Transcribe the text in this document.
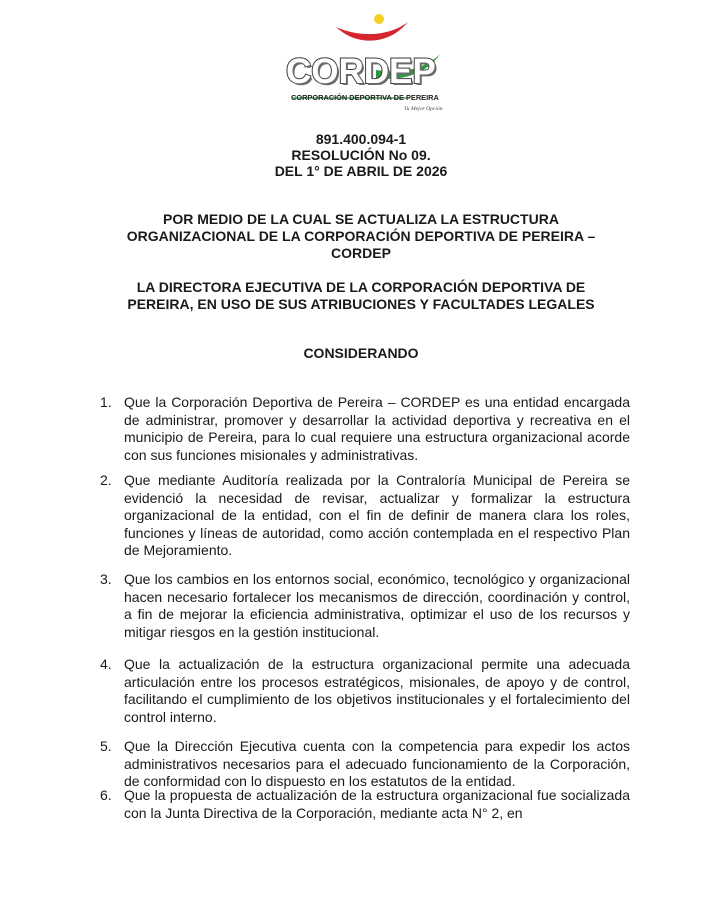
CORDEP
CORPORACIÓN DEPORTIVA DE PEREIRA
Tu Mejor Opción
891.400.094-1
RESOLUCIÓN No 09.
DEL 1° DE ABRIL DE 2026
POR MEDIO DE LA CUAL SE ACTUALIZA LA ESTRUCTURA
ORGANIZACIONAL DE LA CORPORACIÓN DEPORTIVA DE PEREIRA –
CORDEP
LA DIRECTORA EJECUTIVA DE LA CORPORACIÓN DEPORTIVA DE
PEREIRA, EN USO DE SUS ATRIBUCIONES Y FACULTADES LEGALES
CONSIDERANDO
1. Que la Corporación Deportiva de Pereira – CORDEP es una entidad encargada de administrar, promover y desarrollar la actividad deportiva y recreativa en el municipio de Pereira, para lo cual requiere una estructura organizacional acorde con sus funciones misionales y administrativas.
2. Que mediante Auditoría realizada por la Contraloría Municipal de Pereira se evidenció la necesidad de revisar, actualizar y formalizar la estructura organizacional de la entidad, con el fin de definir de manera clara los roles, funciones y líneas de autoridad, como acción contemplada en el respectivo Plan de Mejoramiento.
3. Que los cambios en los entornos social, económico, tecnológico y organizacional hacen necesario fortalecer los mecanismos de dirección, coordinación y control, a fin de mejorar la eficiencia administrativa, optimizar el uso de los recursos y mitigar riesgos en la gestión institucional.
4. Que la actualización de la estructura organizacional permite una adecuada articulación entre los procesos estratégicos, misionales, de apoyo y de control, facilitando el cumplimiento de los objetivos institucionales y el fortalecimiento del control interno.
5. Que la Dirección Ejecutiva cuenta con la competencia para expedir los actos administrativos necesarios para el adecuado funcionamiento de la Corporación, de conformidad con lo dispuesto en los estatutos de la entidad.
6. Que la propuesta de actualización de la estructura organizacional fue socializada con la Junta Directiva de la Corporación, mediante acta N° 2, en
